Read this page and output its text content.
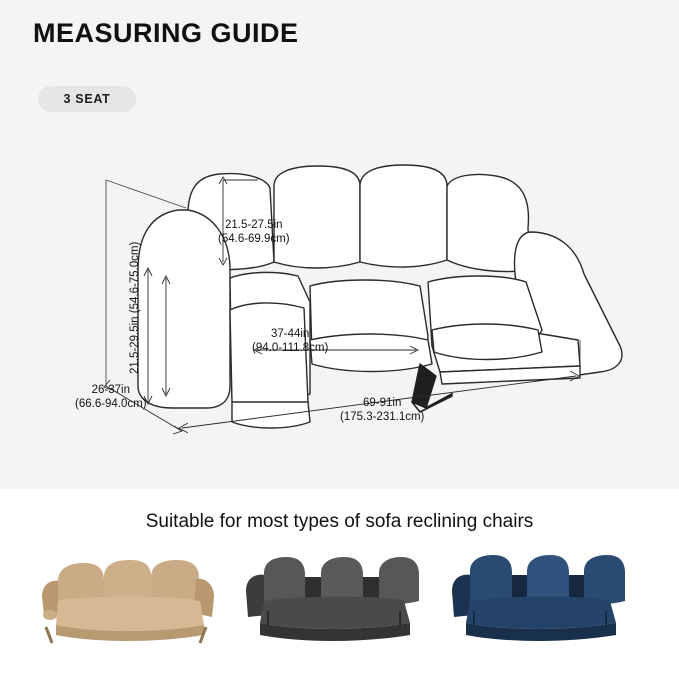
MEASURING GUIDE
3 SEAT
21.5-27.5in
(54.6-69.9cm)
37-44in
(94.0-111.8cm)
69-91in
(175.3-231.1cm)
26-37in
(66.6-94.0cm)
21.5-29.5in (54.6-75.0cm)
Suitable for most types of sofa reclining chairs
